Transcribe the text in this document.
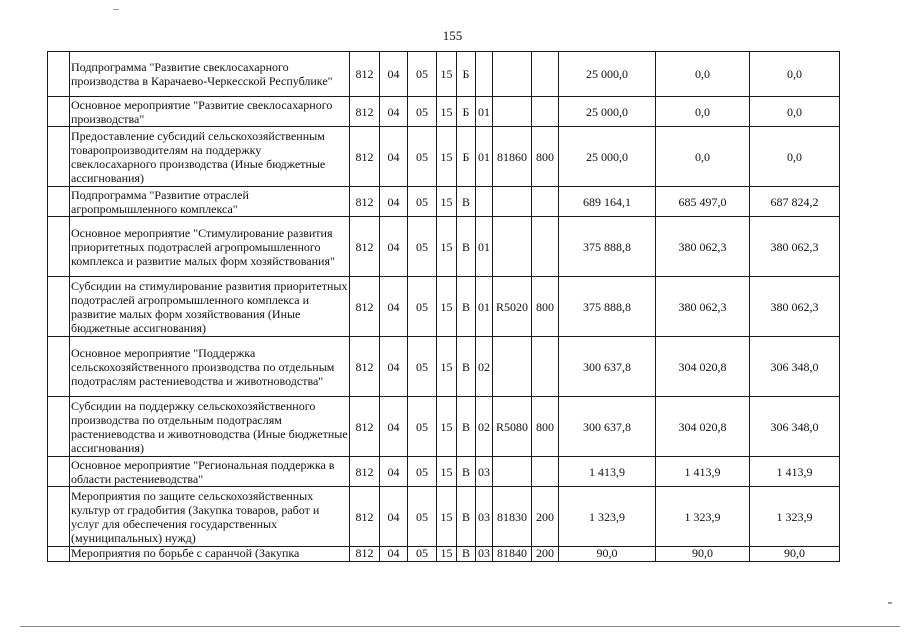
155
	Подпрограмма "Развитие свеклосахарного производства в Карачаево-Черкесской Республике"	812	04	05	15	Б				25 000,0	0,0	0,0
	Основное мероприятие "Развитие свеклосахарного производства"	812	04	05	15	Б	01			25 000,0	0,0	0,0
	Предоставление субсидий сельскохозяйственным товаропроизводителям на поддержку свеклосахарного производства (Иные бюджетные ассигнования)	812	04	05	15	Б	01	81860	800	25 000,0	0,0	0,0
	Подпрограмма "Развитие отраслей агропромышленного комплекса"	812	04	05	15	В				689 164,1	685 497,0	687 824,2
	Основное мероприятие "Стимулирование развития приоритетных подотраслей агропромышленного комплекса и развитие малых форм хозяйствования"	812	04	05	15	В	01			375 888,8	380 062,3	380 062,3
	Субсидии на стимулирование развития приоритетных подотраслей агропромышленного комплекса и развитие малых форм хозяйствования (Иные бюджетные ассигнования)	812	04	05	15	В	01	R5020	800	375 888,8	380 062,3	380 062,3
	Основное мероприятие "Поддержка сельскохозяйственного производства по отдельным подотраслям растениеводства и животноводства"	812	04	05	15	В	02			300 637,8	304 020,8	306 348,0
	Субсидии на поддержку сельскохозяйственного производства по отдельным подотраслям растениеводства и животноводства (Иные бюджетные ассигнования)	812	04	05	15	В	02	R5080	800	300 637,8	304 020,8	306 348,0
	Основное мероприятие "Региональная поддержка в области растениеводства"	812	04	05	15	В	03			1 413,9	1 413,9	1 413,9
	Мероприятия по защите сельскохозяйственных культур от градобития (Закупка товаров, работ и услуг для обеспечения государственных (муниципальных) нужд)	812	04	05	15	В	03	81830	200	1 323,9	1 323,9	1 323,9
	Мероприятия по борьбе с саранчой (Закупка	812	04	05	15	В	03	81840	200	90,0	90,0	90,0
